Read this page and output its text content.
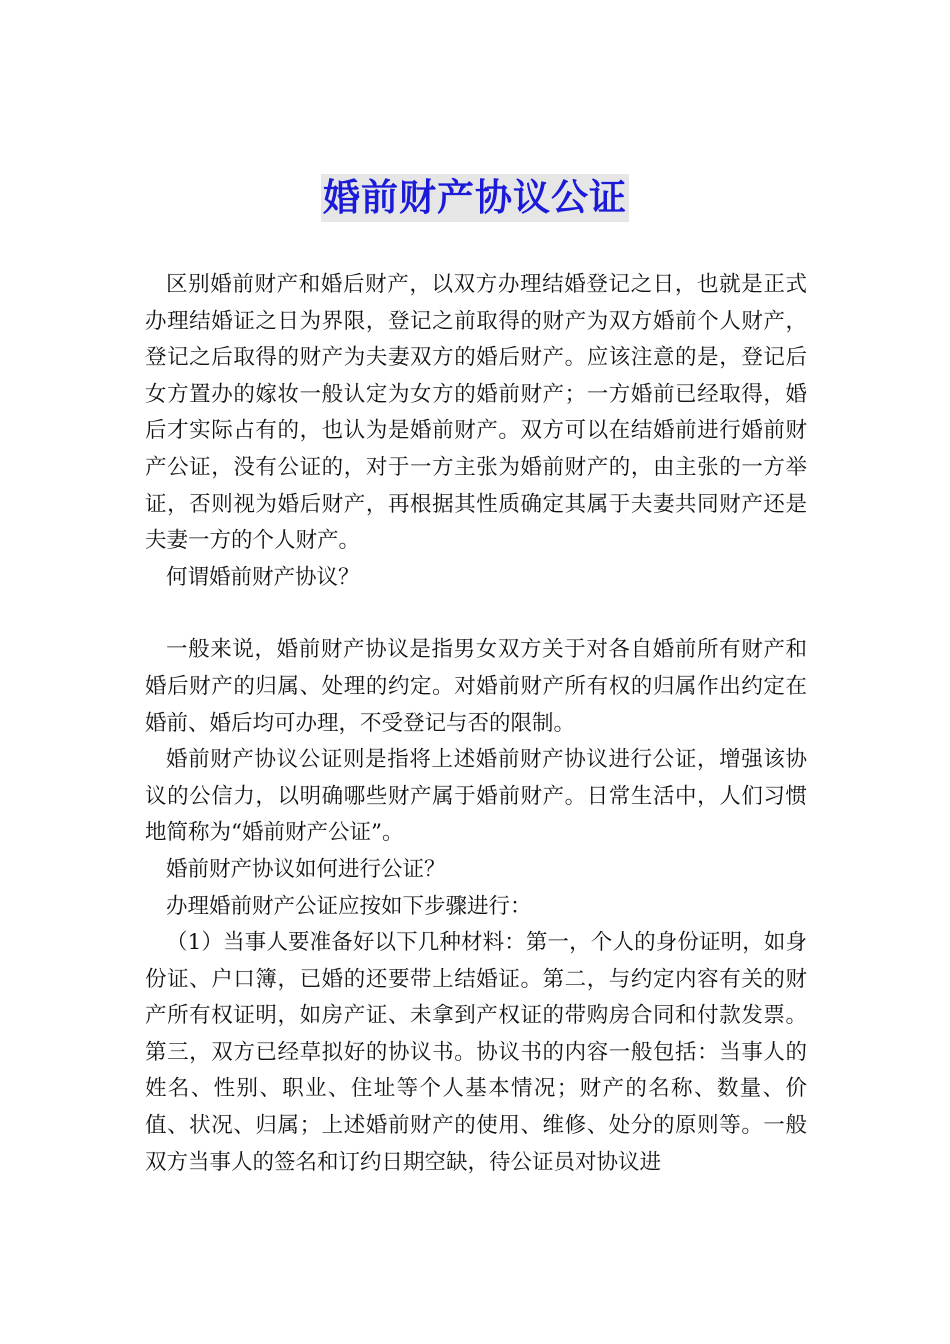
婚前财产协议公证

区别婚前财产和婚后财产，以双方办理结婚登记之日，也就是正式办理结婚证之日为界限，登记之前取得的财产为双方婚前个人财产，登记之后取得的财产为夫妻双方的婚后财产。应该注意的是，登记后女方置办的嫁妆一般认定为女方的婚前财产；一方婚前已经取得，婚后才实际占有的，也认为是婚前财产。双方可以在结婚前进行婚前财产公证，没有公证的，对于一方主张为婚前财产的，由主张的一方举证，否则视为婚后财产，再根据其性质确定其属于夫妻共同财产还是夫妻一方的个人财产。

何谓婚前财产协议？

一般来说，婚前财产协议是指男女双方关于对各自婚前所有财产和婚后财产的归属、处理的约定。对婚前财产所有权的归属作出约定在婚前、婚后均可办理，不受登记与否的限制。

婚前财产协议公证则是指将上述婚前财产协议进行公证，增强该协议的公信力，以明确哪些财产属于婚前财产。日常生活中，人们习惯地简称为“婚前财产公证”。

婚前财产协议如何进行公证？

办理婚前财产公证应按如下步骤进行：

（1）当事人要准备好以下几种材料：第一，个人的身份证明，如身份证、户口簿，已婚的还要带上结婚证。第二，与约定内容有关的财产所有权证明，如房产证、未拿到产权证的带购房合同和付款发票。第三，双方已经草拟好的协议书。协议书的内容一般包括：当事人的姓名、性别、职业、住址等个人基本情况；财产的名称、数量、价值、状况、归属；上述婚前财产的使用、维修、处分的原则等。一般双方当事人的签名和订约日期空缺，待公证员对协议进
